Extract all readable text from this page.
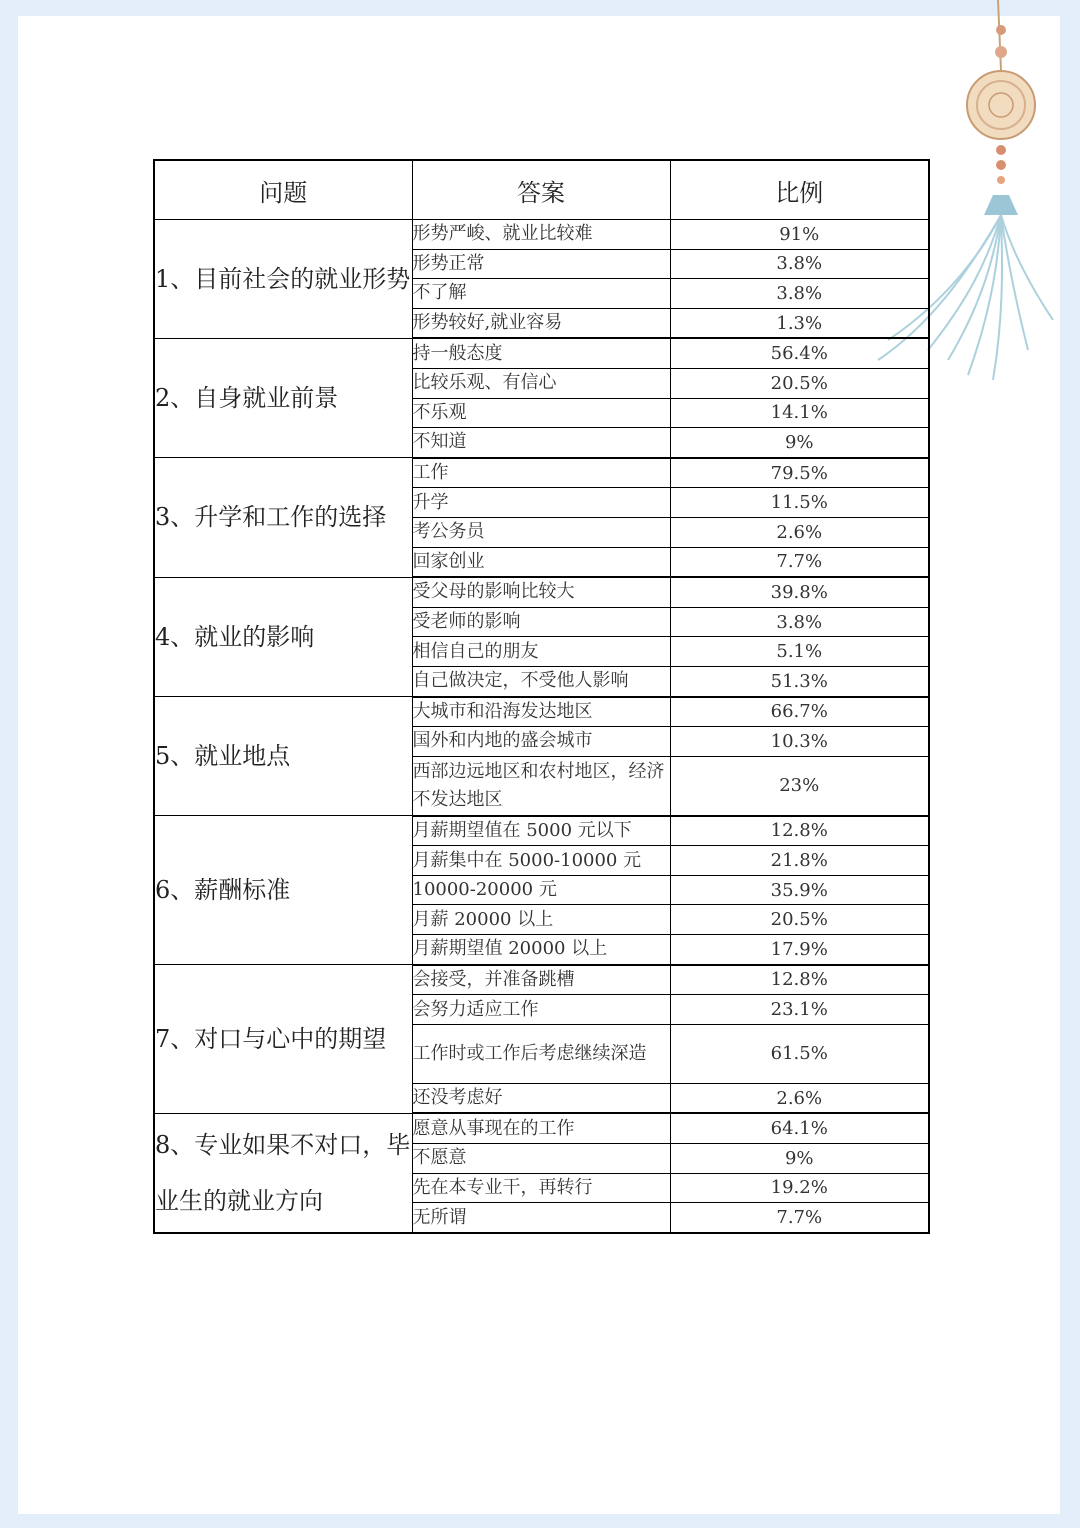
问题	答案	比例
1、目前社会的就业形势	形势严峻、就业比较难	91%
	形势正常	3.8%
	不了解	3.8%
	形势较好,就业容易	1.3%
2、自身就业前景	持一般态度	56.4%
	比较乐观、有信心	20.5%
	不乐观	14.1%
	不知道	9%
3、升学和工作的选择	工作	79.5%
	升学	11.5%
	考公务员	2.6%
	回家创业	7.7%
4、就业的影响	受父母的影响比较大	39.8%
	受老师的影响	3.8%
	相信自己的朋友	5.1%
	自己做决定，不受他人影响	51.3%
5、就业地点	大城市和沿海发达地区	66.7%
	国外和内地的盛会城市	10.3%
	西部边远地区和农村地区，经济不发达地区	23%
6、薪酬标准	月薪期望值在 5000 元以下	12.8%
	月薪集中在 5000-10000 元	21.8%
	10000-20000 元	35.9%
	月薪 20000 以上	20.5%
	月薪期望值 20000 以上	17.9%
7、对口与心中的期望	会接受，并准备跳槽	12.8%
	会努力适应工作	23.1%
	工作时或工作后考虑继续深造	61.5%
	还没考虑好	2.6%
8、专业如果不对口，毕业生的就业方向	愿意从事现在的工作	64.1%
	不愿意	9%
	先在本专业干，再转行	19.2%
	无所谓	7.7%
